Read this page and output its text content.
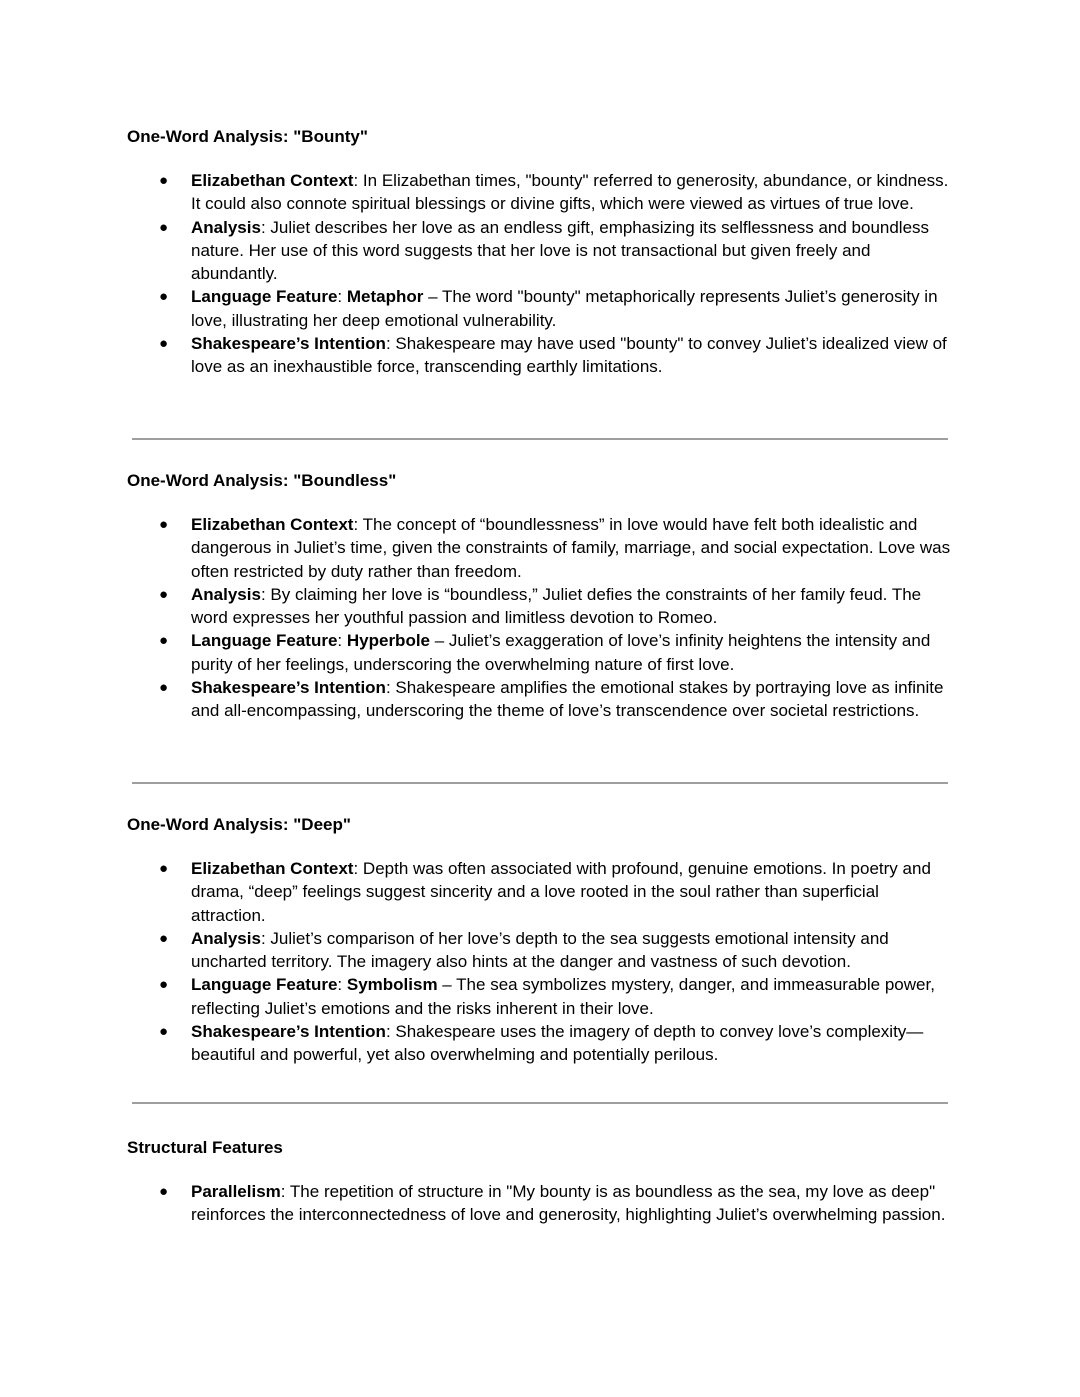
One-Word Analysis: "Bounty"
● Elizabethan Context: In Elizabethan times, "bounty" referred to generosity, abundance, or kindness. It could also connote spiritual blessings or divine gifts, which were viewed as virtues of true love.
● Analysis: Juliet describes her love as an endless gift, emphasizing its selflessness and boundless nature. Her use of this word suggests that her love is not transactional but given freely and abundantly.
● Language Feature: Metaphor – The word "bounty" metaphorically represents Juliet’s generosity in love, illustrating her deep emotional vulnerability.
● Shakespeare’s Intention: Shakespeare may have used "bounty" to convey Juliet’s idealized view of love as an inexhaustible force, transcending earthly limitations.
One-Word Analysis: "Boundless"
● Elizabethan Context: The concept of “boundlessness” in love would have felt both idealistic and dangerous in Juliet’s time, given the constraints of family, marriage, and social expectation. Love was often restricted by duty rather than freedom.
● Analysis: By claiming her love is “boundless,” Juliet defies the constraints of her family feud. The word expresses her youthful passion and limitless devotion to Romeo.
● Language Feature: Hyperbole – Juliet’s exaggeration of love’s infinity heightens the intensity and purity of her feelings, underscoring the overwhelming nature of first love.
● Shakespeare’s Intention: Shakespeare amplifies the emotional stakes by portraying love as infinite and all-encompassing, underscoring the theme of love’s transcendence over societal restrictions.
One-Word Analysis: "Deep"
● Elizabethan Context: Depth was often associated with profound, genuine emotions. In poetry and drama, “deep” feelings suggest sincerity and a love rooted in the soul rather than superficial attraction.
● Analysis: Juliet’s comparison of her love’s depth to the sea suggests emotional intensity and uncharted territory. The imagery also hints at the danger and vastness of such devotion.
● Language Feature: Symbolism – The sea symbolizes mystery, danger, and immeasurable power, reflecting Juliet’s emotions and the risks inherent in their love.
● Shakespeare’s Intention: Shakespeare uses the imagery of depth to convey love’s complexity—beautiful and powerful, yet also overwhelming and potentially perilous.
Structural Features
● Parallelism: The repetition of structure in "My bounty is as boundless as the sea, my love as deep" reinforces the interconnectedness of love and generosity, highlighting Juliet’s overwhelming passion.
